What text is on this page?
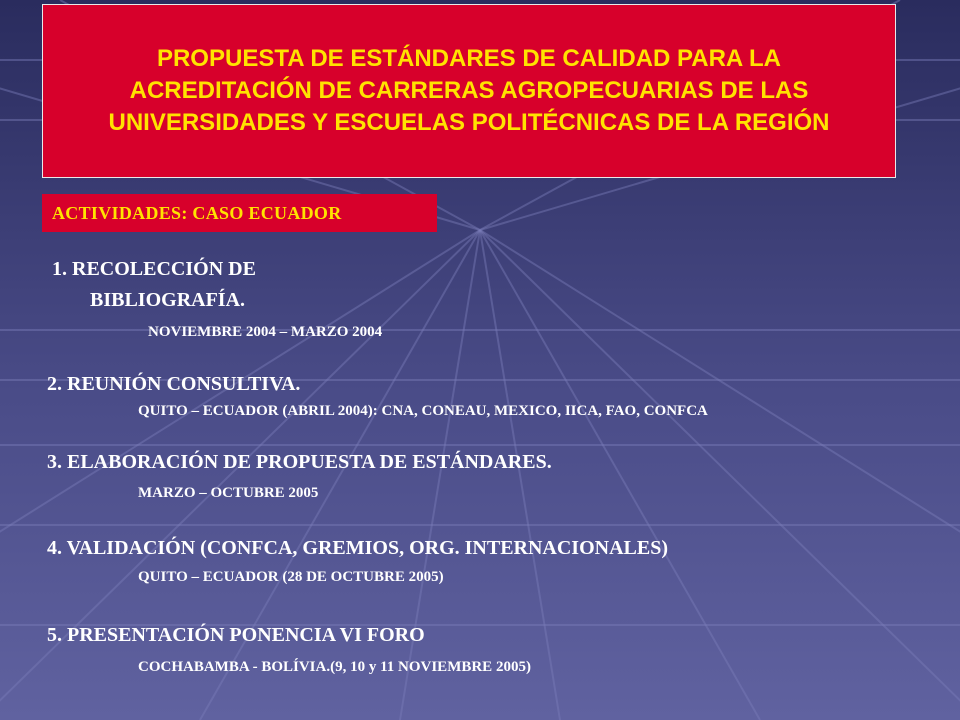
PROPUESTA DE ESTÁNDARES DE CALIDAD PARA LA
ACREDITACIÓN DE CARRERAS AGROPECUARIAS DE LAS
UNIVERSIDADES Y ESCUELAS POLITÉCNICAS DE LA REGIÓN
ACTIVIDADES: CASO ECUADOR
1. RECOLECCIÓN DE
BIBLIOGRAFÍA.
NOVIEMBRE 2004 – MARZO 2004
2. REUNIÓN CONSULTIVA.
QUITO – ECUADOR (ABRIL 2004): CNA, CONEAU, MEXICO, IICA, FAO, CONFCA
3. ELABORACIÓN DE PROPUESTA DE ESTÁNDARES.
MARZO – OCTUBRE 2005
4. VALIDACIÓN (CONFCA, GREMIOS, ORG. INTERNACIONALES)
QUITO – ECUADOR (28 DE OCTUBRE 2005)
5. PRESENTACIÓN PONENCIA VI FORO
COCHABAMBA - BOLÍVIA.(9, 10 y 11 NOVIEMBRE 2005)
